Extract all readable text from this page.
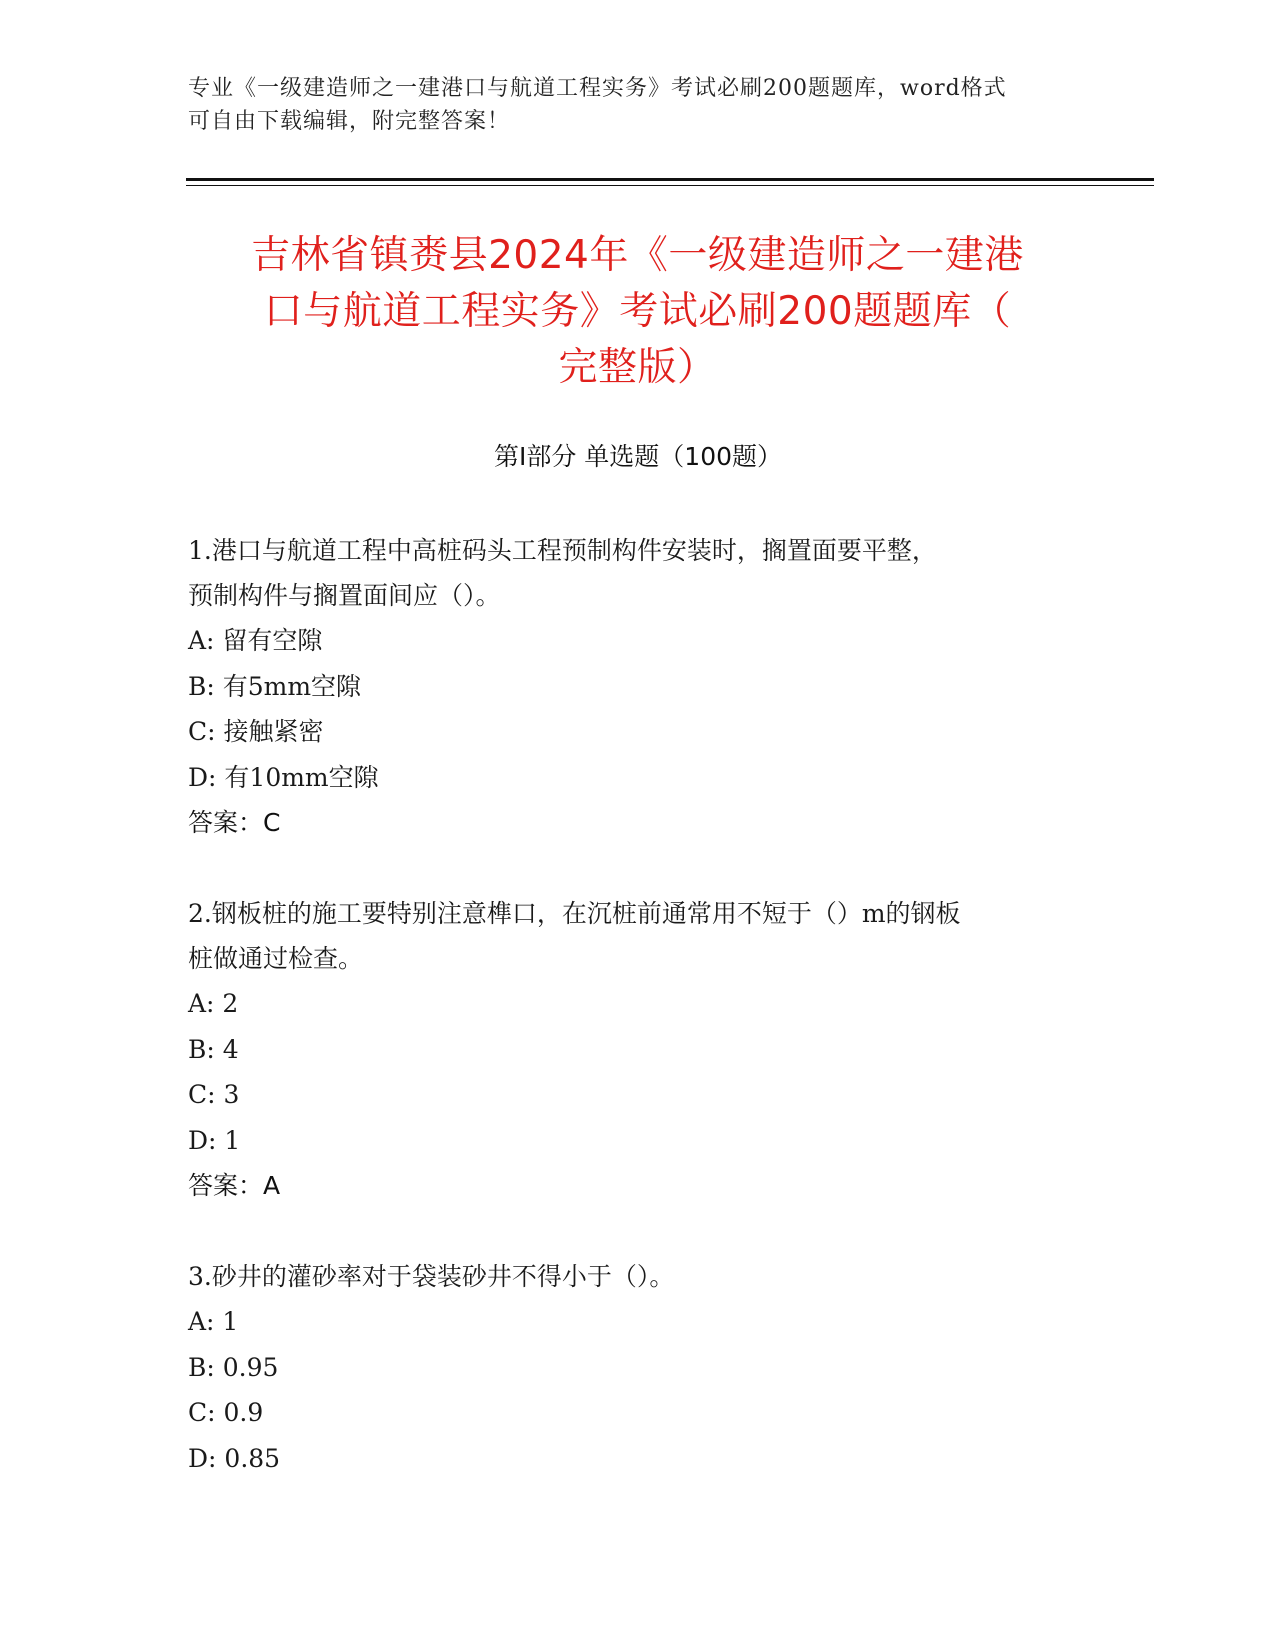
专业《一级建造师之一建港口与航道工程实务》考试必刷200题题库，word格式
可自由下载编辑，附完整答案！
吉林省镇赉县2024年《一级建造师之一建港
口与航道工程实务》考试必刷200题题库（
完整版）
第Ⅰ部分 单选题（100题）
1.港口与航道工程中高桩码头工程预制构件安装时，搁置面要平整，
预制构件与搁置面间应（）。
A: 留有空隙
B: 有5mm空隙
C: 接触紧密
D: 有10mm空隙
答案：C
2.钢板桩的施工要特别注意榫口，在沉桩前通常用不短于（）m的钢板
桩做通过检查。
A: 2
B: 4
C: 3
D: 1
答案：A
3.砂井的灌砂率对于袋装砂井不得小于（）。
A: 1
B: 0.95
C: 0.9
D: 0.85
